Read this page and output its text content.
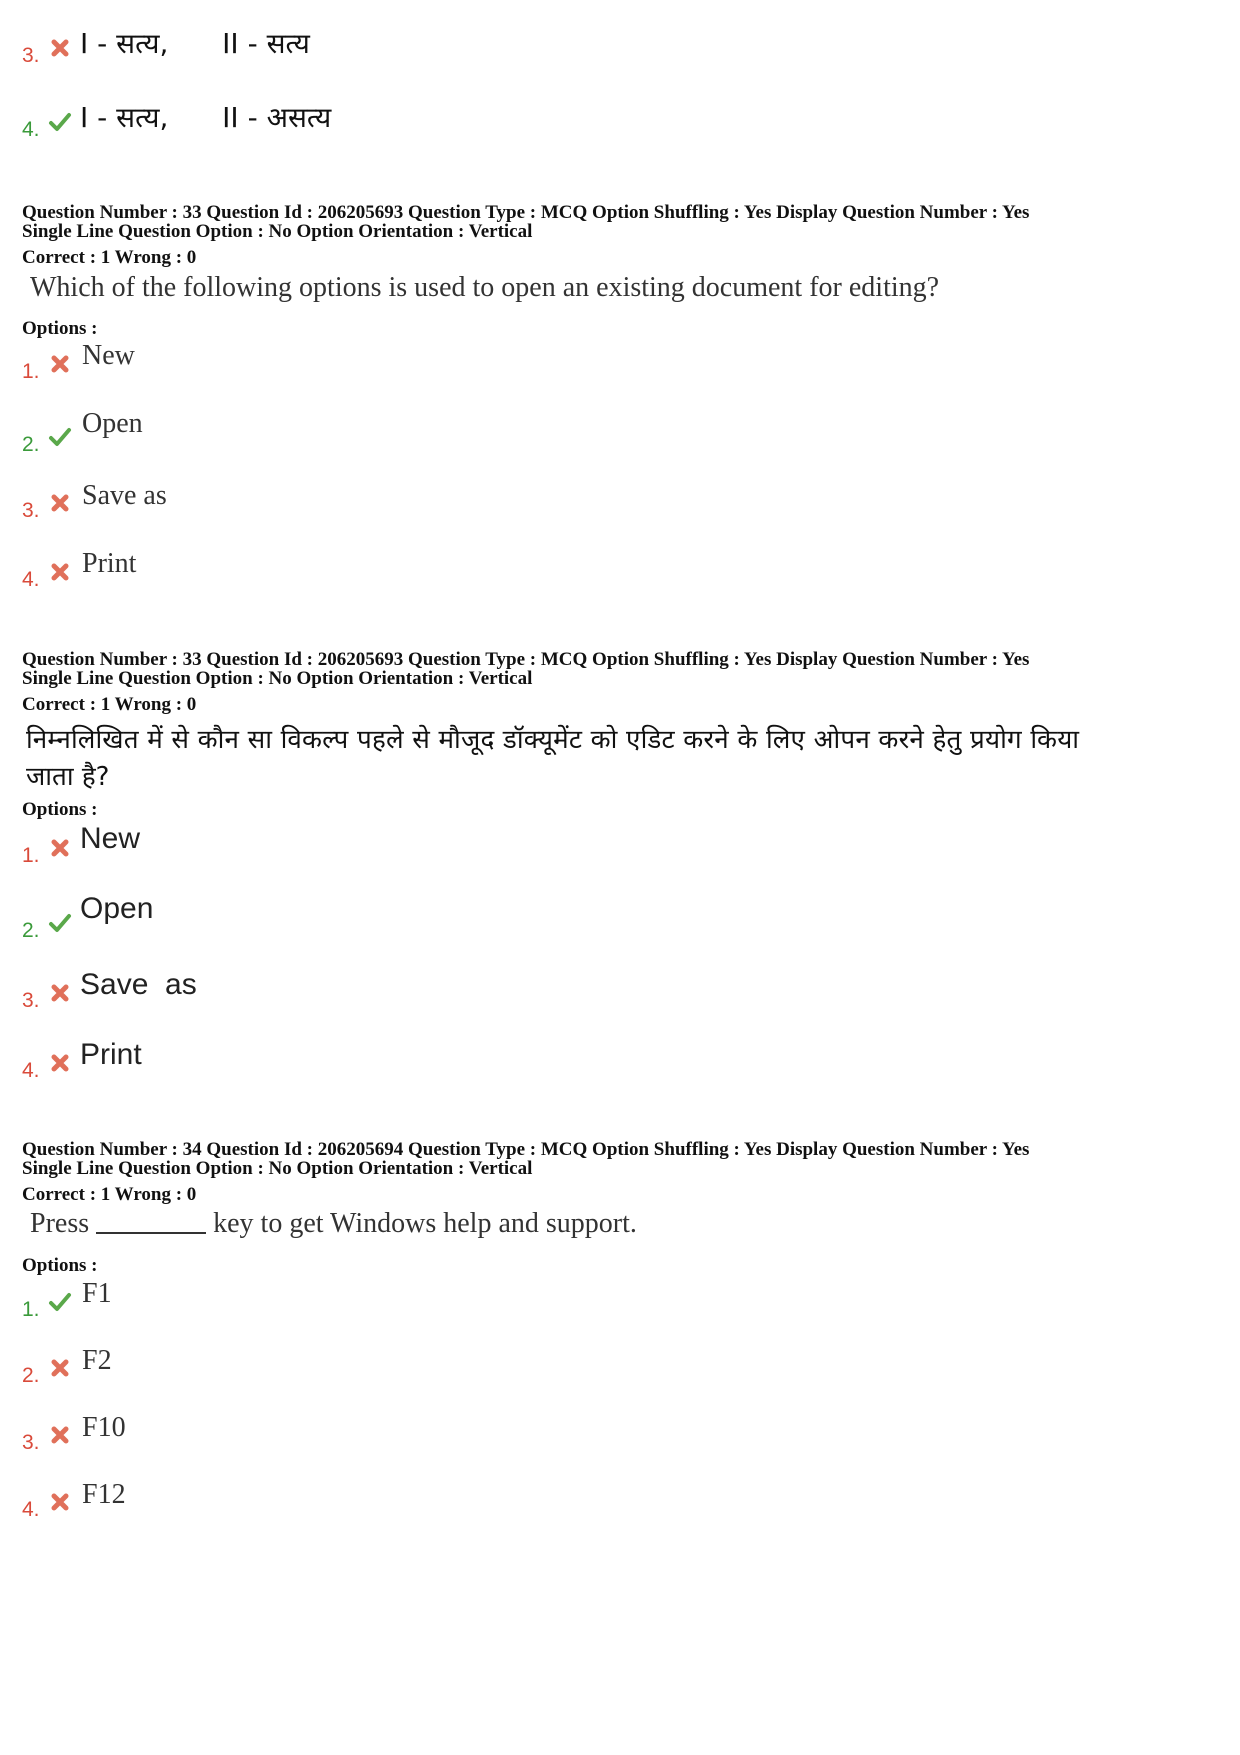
3.	I - सत्य, II - सत्य
4.	I - सत्य, II - असत्य
Question Number : 33 Question Id : 206205693 Question Type : MCQ Option Shuffling : Yes Display Question Number : Yes
Single Line Question Option : No Option Orientation : Vertical
Correct : 1 Wrong : 0
Which of the following options is used to open an existing document for editing?
Options :
1.
New
2.
Open
3.	Save as
4.
Print
Question Number : 33 Question Id : 206205693 Question Type : MCQ Option Shuffling : Yes Display Question Number : Yes
Single Line Question Option : No Option Orientation : Vertical
Correct : 1 Wrong : 0
निम्नलिखित में से कौन सा विकल्प पहले से मौजूद डॉक्यूमेंट को एडिट करने के लिए ओपन करने हेतु प्रयोग किया
जाता है?
Options :
1.
New
2.
Open
3.	Save  as
4.	Print
Question Number : 34 Question Id : 206205694 Question Type : MCQ Option Shuffling : Yes Display Question Number : Yes
Single Line Question Option : No Option Orientation : Vertical
Correct : 1 Wrong : 0
Press	key to get Windows help and support.
Options :
1.
F1
2.	F2
3.	F10
4.	F12
